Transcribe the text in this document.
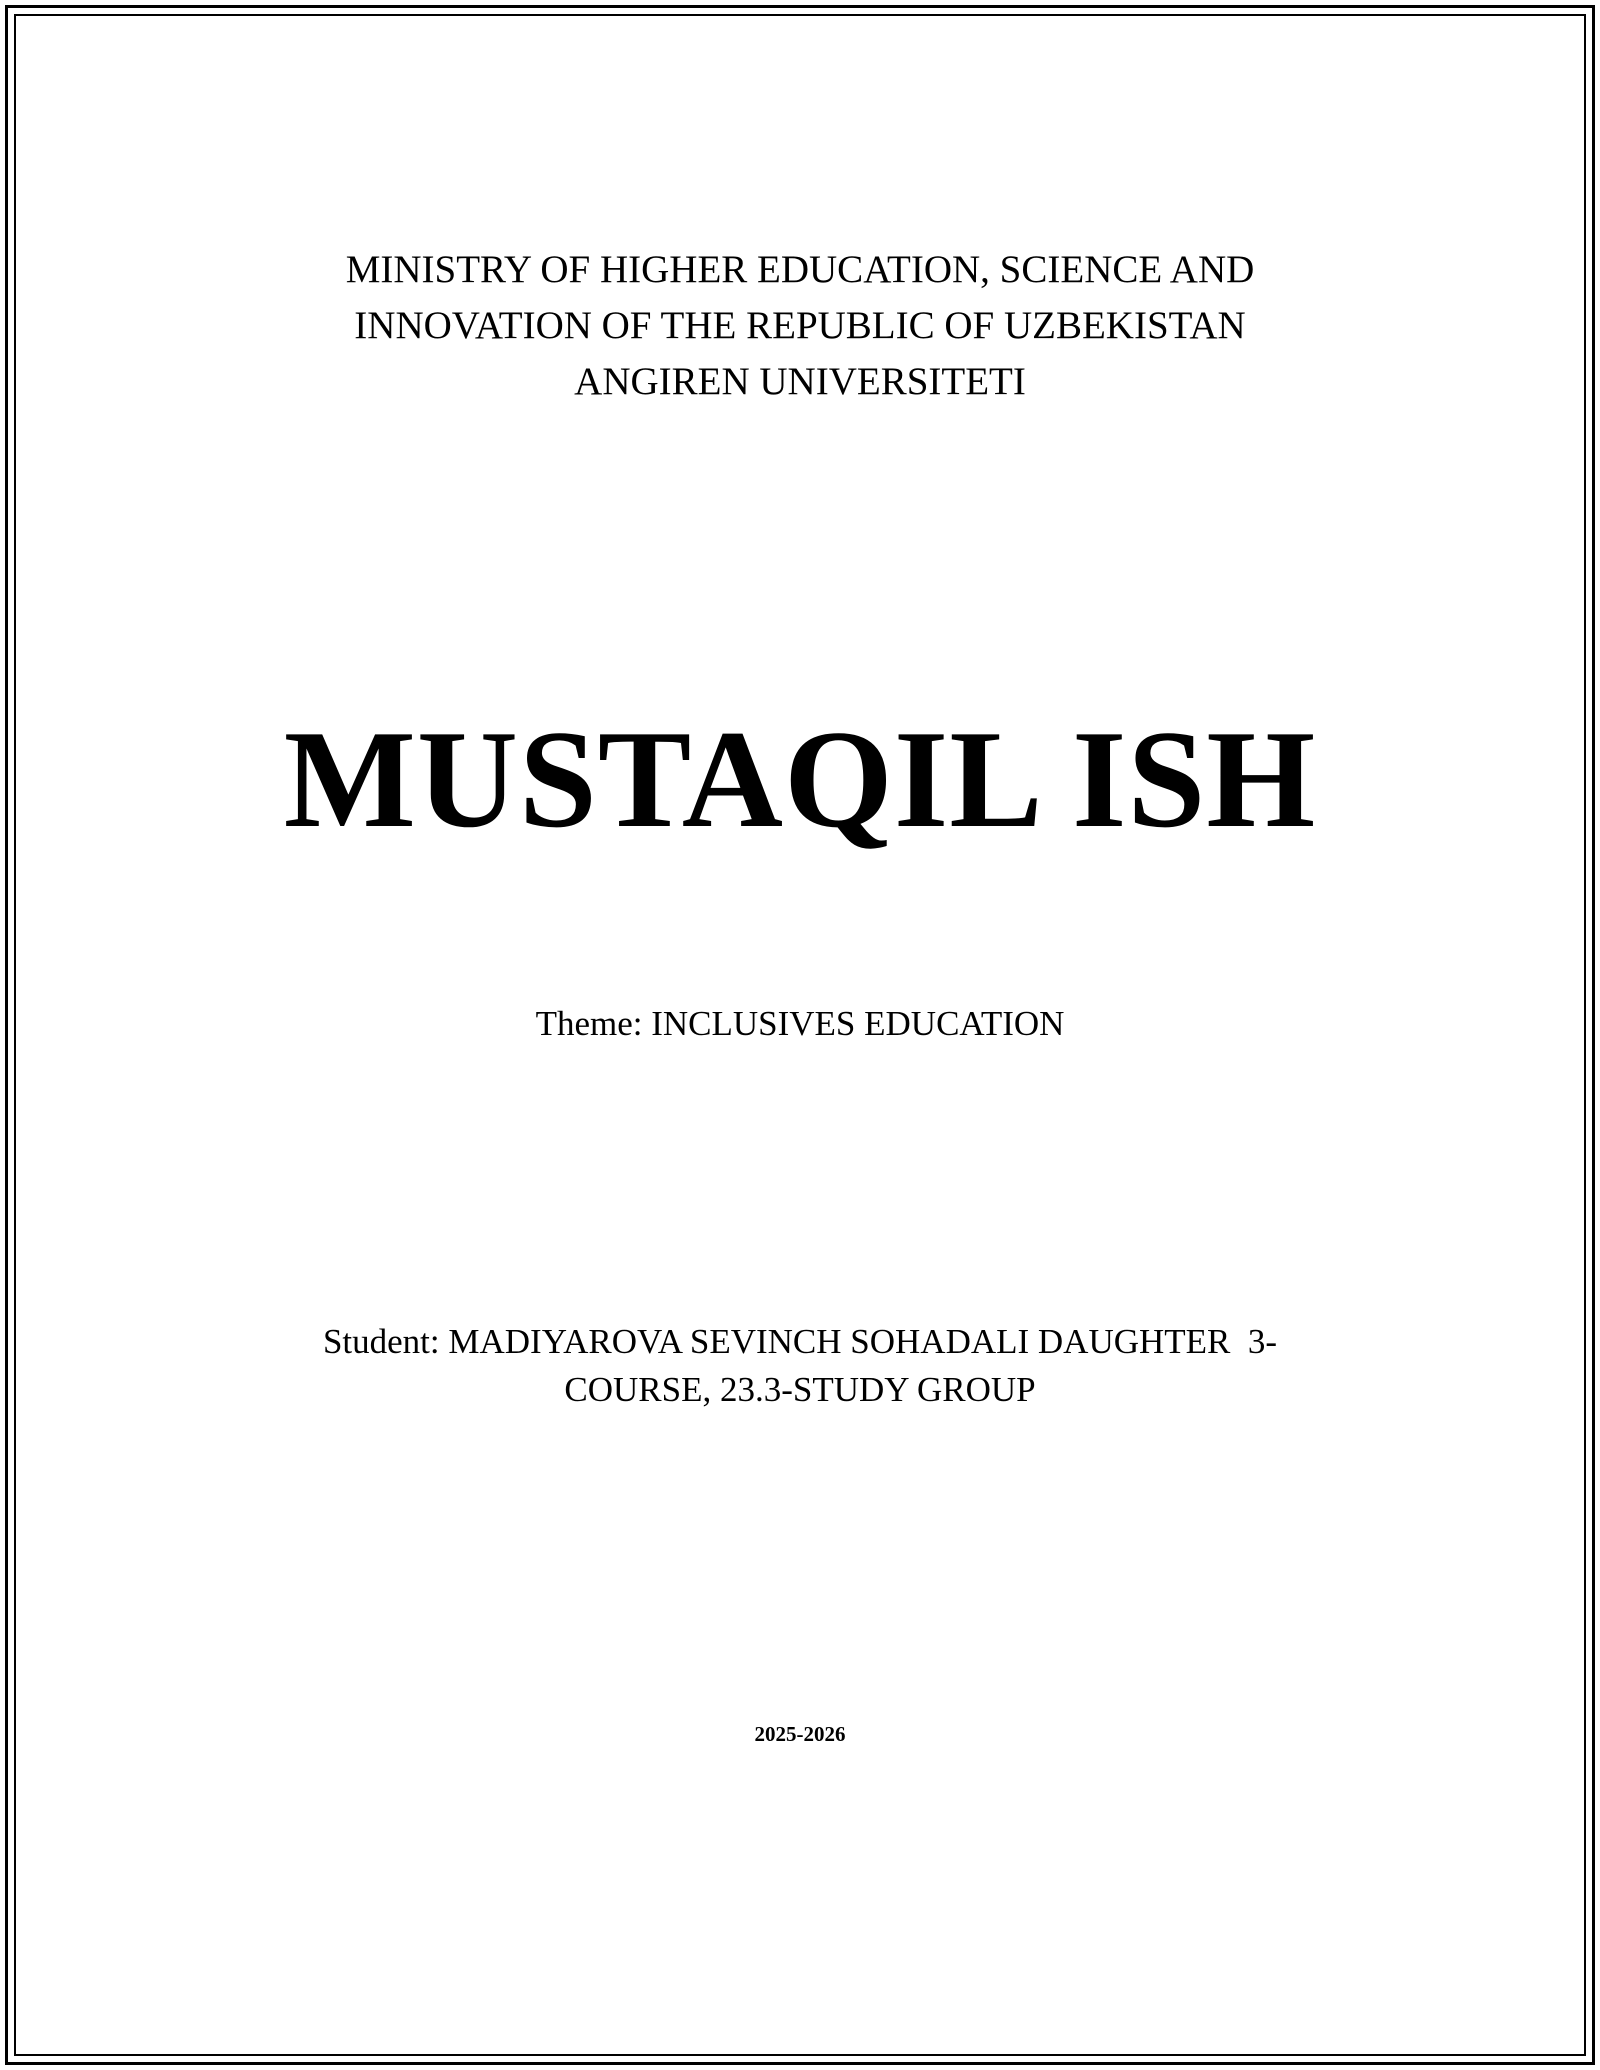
MINISTRY OF HIGHER EDUCATION, SCIENCE AND
INNOVATION OF THE REPUBLIC OF UZBEKISTAN
ANGIREN UNIVERSITETI
MUSTAQIL ISH
Theme: INCLUSIVES EDUCATION
Student: MADIYAROVA SEVINCH SOHADALI DAUGHTER  3-
COURSE, 23.3-STUDY GROUP
2025-2026
